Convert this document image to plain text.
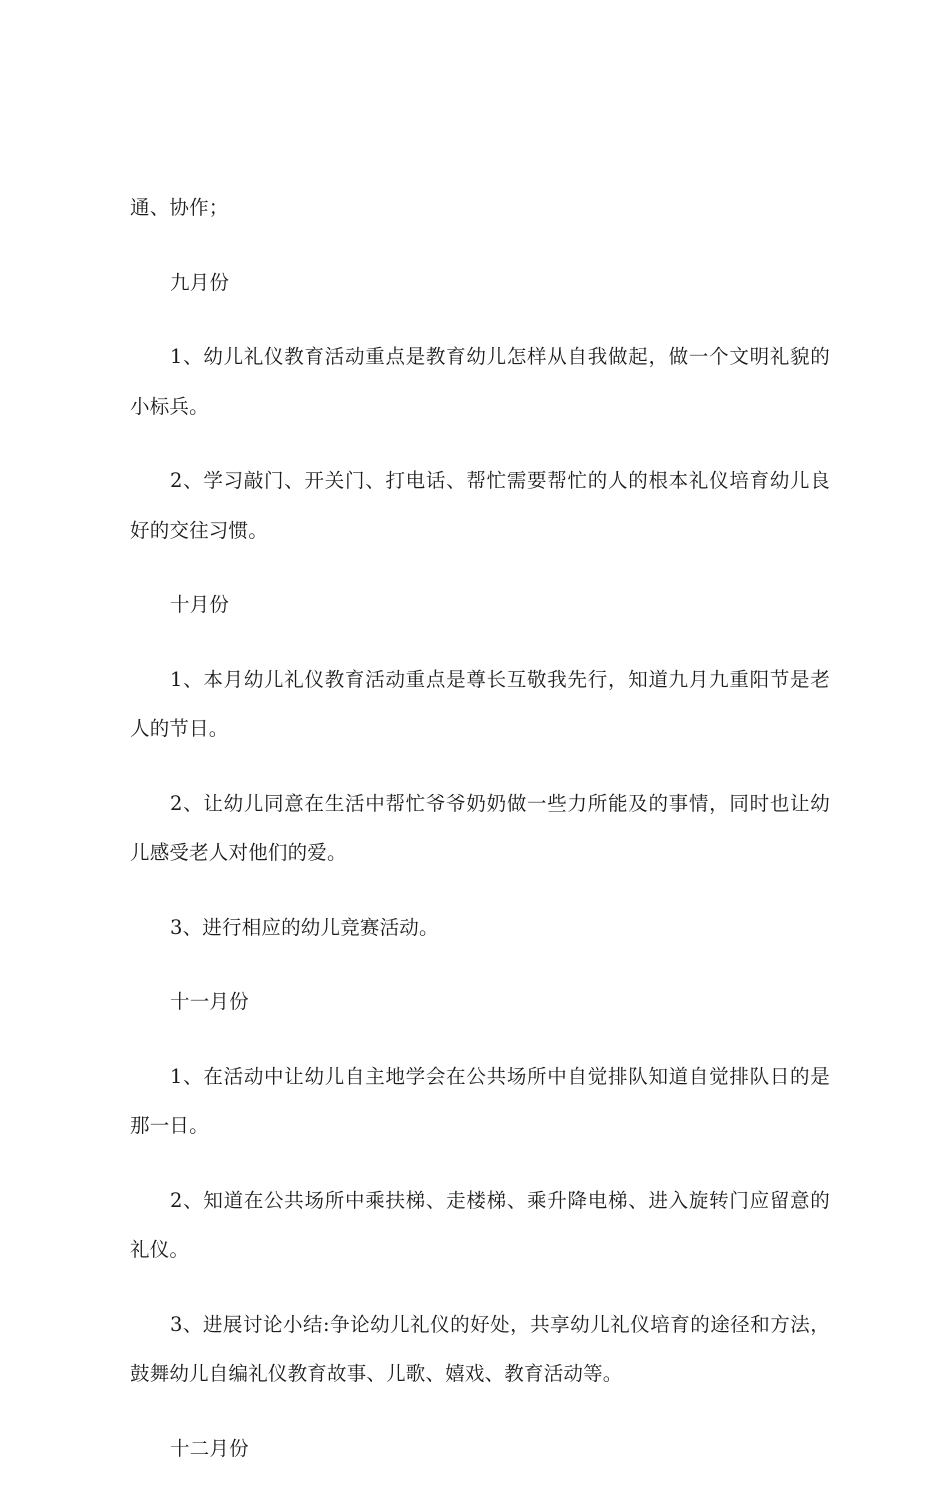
通、协作；

九月份

1、幼儿礼仪教育活动重点是教育幼儿怎样从自我做起，做一个文明礼貌的小标兵。

2、学习敲门、开关门、打电话、帮忙需要帮忙的人的根本礼仪培育幼儿良好的交往习惯。

十月份

1、本月幼儿礼仪教育活动重点是尊长互敬我先行，知道九月九重阳节是老人的节日。

2、让幼儿同意在生活中帮忙爷爷奶奶做一些力所能及的事情，同时也让幼儿感受老人对他们的爱。

3、进行相应的幼儿竞赛活动。

十一月份

1、在活动中让幼儿自主地学会在公共场所中自觉排队知道自觉排队日的是那一日。

2、知道在公共场所中乘扶梯、走楼梯、乘升降电梯、进入旋转门应留意的礼仪。

3、进展讨论小结:争论幼儿礼仪的好处，共享幼儿礼仪培育的途径和方法，鼓舞幼儿自编礼仪教育故事、儿歌、嬉戏、教育活动等。

十二月份
